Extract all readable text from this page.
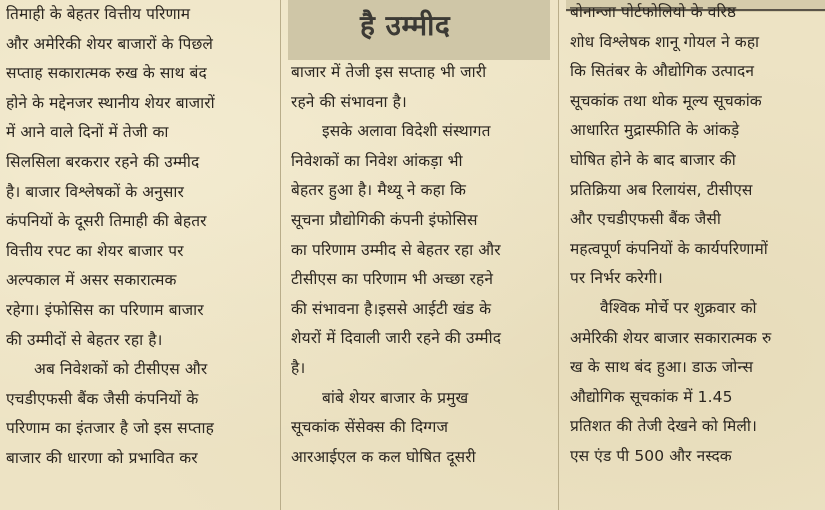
है उम्मीद
तिमाही के बेहतर वित्तीय परिणाम
और अमेरिकी शेयर बाजारों के पिछले
सप्ताह सकारात्मक रुख के साथ बंद
होने के मद्देनजर स्थानीय शेयर बाजारों
में आने वाले दिनों में तेजी का
सिलसिला बरकरार रहने की उम्मीद
है। बाजार विश्लेषकों के अनुसार
कंपनियों के दूसरी तिमाही की बेहतर
वित्तीय रपट का शेयर बाजार पर
अल्पकाल में असर सकारात्मक
रहेगा। इंफोसिस का परिणाम बाजार
की उम्मीदों से बेहतर रहा है।
अब निवेशकों को टीसीएस और
एचडीएफसी बैंक जैसी कंपनियों के
परिणाम का इंतजार है जो इस सप्ताह
बाजार की धारणा को प्रभावित कर
बाजार में तेजी इस सप्ताह भी जारी
रहने की संभावना है।
इसके अलावा विदेशी संस्थागत
निवेशकों का निवेश आंकड़ा भी
बेहतर हुआ है। मैथ्यू ने कहा कि
सूचना प्रौद्योगिकी कंपनी इंफोसिस
का परिणाम उम्मीद से बेहतर रहा और
टीसीएस का परिणाम भी अच्छा रहने
की संभावना है।इससे आईटी खंड के
शेयरों में दिवाली जारी रहने की उम्मीद
है।
बांबे शेयर बाजार के प्रमुख
सूचकांक सेंसेक्स की दिग्गज
आरआईएल क कल घोषित दूसरी
बोनान्जा पोर्टफोलियो के वरिष्ठ
शोध विश्लेषक शानू गोयल ने कहा
कि सितंबर के औद्योगिक उत्पादन
सूचकांक तथा थोक मूल्य सूचकांक
आधारित मुद्रास्फीति के आंकड़े
घोषित होने के बाद बाजार की
प्रतिक्रिया अब रिलायंस, टीसीएस
और एचडीएफसी बैंक जैसी
महत्वपूर्ण कंपनियों के कार्यपरिणामों
पर निर्भर करेगी।
वैश्विक मोर्चे पर शुक्रवार को
अमेरिकी शेयर बाजार सकारात्मक रु
ख के साथ बंद हुआ। डाऊ जोन्स
औद्योगिक सूचकांक में 1.45
प्रतिशत की तेजी देखने को मिली।
एस एंड पी 500 और नस्दक
